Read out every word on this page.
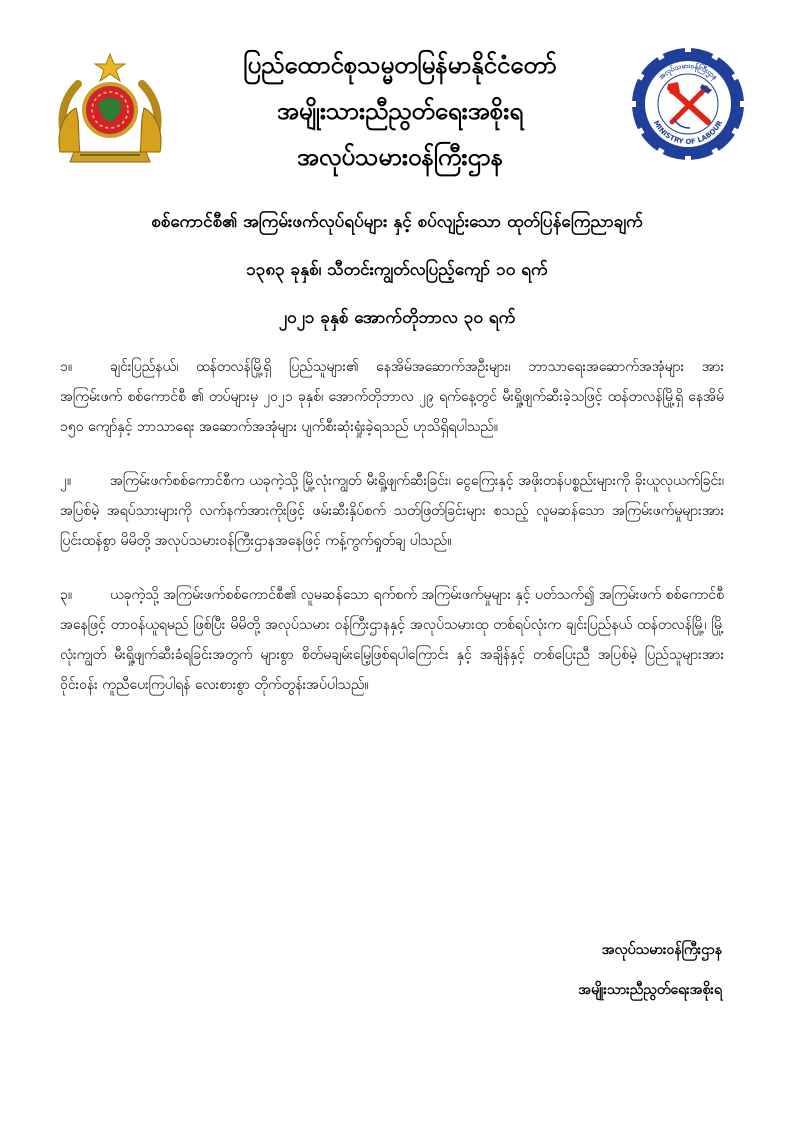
ပြည်ထောင်စုသမ္မတမြန်မာနိုင်ငံတော်
အမျိုးသားညီညွတ်ရေးအစိုးရ
အလုပ်သမားဝန်ကြီးဌာန
အလုပ်သမားဝန်ကြီးဌာန
MINISTRY OF LABOUR
စစ်ကောင်စီ၏ အကြမ်းဖက်လုပ်ရပ်များ နှင့် စပ်လျဥ်းသော ထုတ်ပြန်ကြေညာချက်
၁၃၈၃ ခုနှစ်၊ သီတင်းကျွတ်လပြည့်ကျော် ၁၀ ရက်
၂၀၂၁ ခုနှစ် အောက်တိုဘာလ ၃၀ ရက်

၁။	ချင်းပြည်နယ်၊ ထန်တလန်မြို့ရှိ ပြည်သူများ၏ နေအိမ်အဆောက်အဦးများ၊ ဘာသာရေးအဆောက်အအုံများ အား အကြမ်းဖက် စစ်ကောင်စီ ၏ တပ်များမှ ၂၀၂၁ ခုနှစ်၊ အောက်တိုဘာလ ၂၉ ရက်နေ့တွင် မီးရှို့ဖျက်ဆီးခဲ့သဖြင့် ထန်တလန်မြို့ရှိ နေအိမ် ၁၅၀ ကျော်နှင့် ဘာသာရေး အဆောက်အအုံများ ပျက်စီးဆုံးရှုံးခဲ့ရသည် ဟုသိရှိရပါသည်။

၂။	အကြမ်းဖက်စစ်ကောင်စီက ယခုကဲ့သို့ မြို့လုံးကျွတ် မီးရှို့ဖျက်ဆီးခြင်း၊ ငွေကြေးနှင့် အဖိုးတန်ပစ္စည်းများကို ခိုးယူလုယက်ခြင်း၊ အပြစ်မဲ့ အရပ်သားများကို လက်နက်အားကိုးဖြင့် ဖမ်းဆီးနှိပ်စက် သတ်ဖြတ်ခြင်းများ စသည့် လူမဆန်သော အကြမ်းဖက်မှုများအား ပြင်းထန်စွာ မိမိတို့ အလုပ်သမားဝန်ကြီးဌာနအနေဖြင့် ကန့်ကွက်ရှုတ်ချ ပါသည်။

၃။	ယခုကဲ့သို့ အကြမ်းဖက်စစ်ကောင်စီ၏ လူမဆန်သော ရက်စက် အကြမ်းဖက်မှုများ နှင့် ပတ်သက်၍ အကြမ်းဖက် စစ်ကောင်စီ အနေဖြင့် တာဝန်ယူရမည် ဖြစ်ပြီး မိမိတို့ အလုပ်သမား ဝန်ကြီးဌာနနှင့် အလုပ်သမားထု တစ်ရပ်လုံးက ချင်းပြည်နယ် ထန်တလန်မြို့၊ မြို့လုံးကျွတ် မီးရှို့ဖျက်ဆီးခံရခြင်းအတွက် များစွာ စိတ်မချမ်းမြေ့ဖြစ်ရပါကြောင်း နှင့် အချိန်နှင့် တစ်ပြေးညီ အပြစ်မဲ့ ပြည်သူများအား ဝိုင်းဝန်း ကူညီပေးကြပါရန် လေးစားစွာ တိုက်တွန်းအပ်ပါသည်။

အလုပ်သမားဝန်ကြီးဌာန
အမျိုးသားညီညွတ်ရေးအစိုးရ
